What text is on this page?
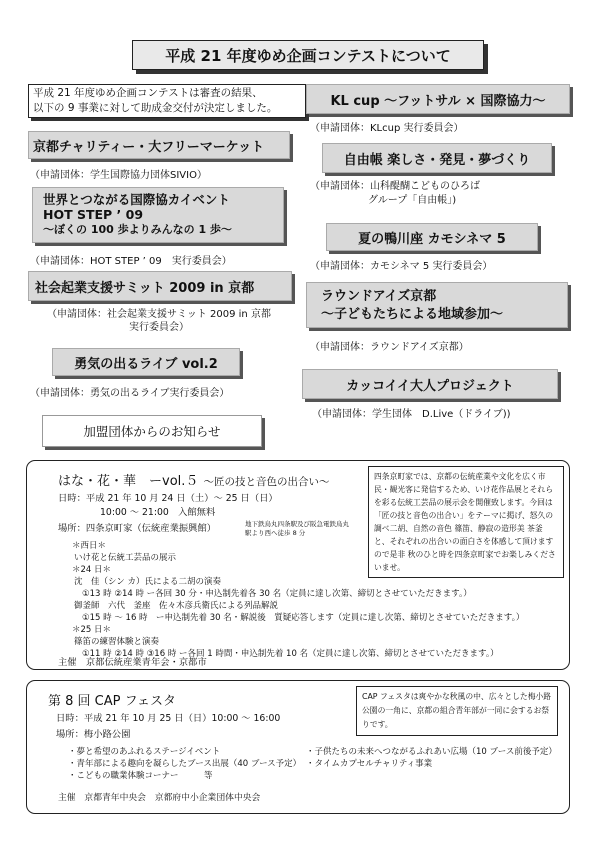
平成 21 年度ゆめ企画コンテストについて
平成 21 年度ゆめ企画コンテストは審査の結果、
以下の 9 事業に対して助成金交付が決定しました。
京都チャリティー・大フリーマーケット
（申請団体：学生国際協力団体SIVIO）
世界とつながる国際協カイベント
HOT STEP ’ 09
～ぼくの 100 歩よりみんなの 1 歩～
（申請団体：HOT STEP ’ 09　実行委員会）
社会起業支援サミット 2009 in 京都
（申請団体：社会起業支援サミット 2009 in 京都
実行委員会）
勇気の出るライブ vol.2
（申請団体：勇気の出るライブ実行委員会）
加盟団体からのお知らせ
KL cup ～フットサル × 国際協力～
（申請団体：KLcup 実行委員会）
自由帳 楽しさ・発見・夢づくり
（申請団体：山科醍醐こどものひろば
グループ「自由帳」)
夏の鴨川座 カモシネマ 5
（申請団体：カモシネマ 5 実行委員会）
ラウンドアイズ京都
～子どもたちによる地域参加～
（申請団体：ラウンドアイズ京都）
カッコイイ大人プロジェクト
（申請団体：学生団体　D.Live（ドライブ))
はな・花・華　ーvol.５ ～匠の技と音色の出合い～
日時：平成 21 年 10 月 24 日（土）～ 25 日（日）
10:00 ～ 21:00　入館無料
場所：四条京町家（伝統産業振興館）	地下鉄烏丸四条駅及び阪急電鉄烏丸
駅より西へ徒歩 8 分
＊西日＊
いけ花と伝統工芸品の展示
＊24 日＊
沈　佳（シン カ）氏による二胡の演奏
①13 時 ②14 時 ー各回 30 分・申込制先着各 30 名（定員に達し次第、締切とさせていただきます。）
御釜師　六代　釜座　佐々木彦兵衛氏による列品解説
①15 時 ～ 16 時　ー申込制先着 30 名・解説後　質疑応答します（定員に達し次第、締切とさせていただきます。）
＊25 日＊
篠笛の練習体験と演奏
①11 時 ②14 時 ③16 時 ー各回 1 時間・申込制先着 10 名（定員に達し次第、締切とさせていただきます。）
主催　京都伝統産業青年会・京都市
四条京町家では、京都の伝統産業や文化を広く市民・観光客に発信するため、いけ花作品展とそれらを彩る伝統工芸品の展示会を開催致します。今回は「匠の技と音色の出合い」をテーマに掲げ、怒久の調べ二胡、自然の音色 篠笛、静寂の造形美 茶釜と、それぞれの出合いの面白さを体感して頂けますので是非 秋のひと時を四条京町家でお楽しみくださいませ。
第 8 回 CAP フェスタ
日時：平成 21 年 10 月 25 日（日）10:00 ～ 16:00
場所：梅小路公園
・夢と希望のあふれるステージイベント
・青年部による趣向を凝らしたブース出展（40 ブース予定）
・こどもの職業体験コーナー　　　等
・子供たちの未来へつながるふれあい広場（10 ブース前後予定）
・タイムカプセルチャリティ事業
主催　京都青年中央会　京都府中小企業団体中央会
CAP フェスタは爽やかな秋風の中、広々とした梅小路公園の一角に、京都の組合青年部が一同に会するお祭りです。
